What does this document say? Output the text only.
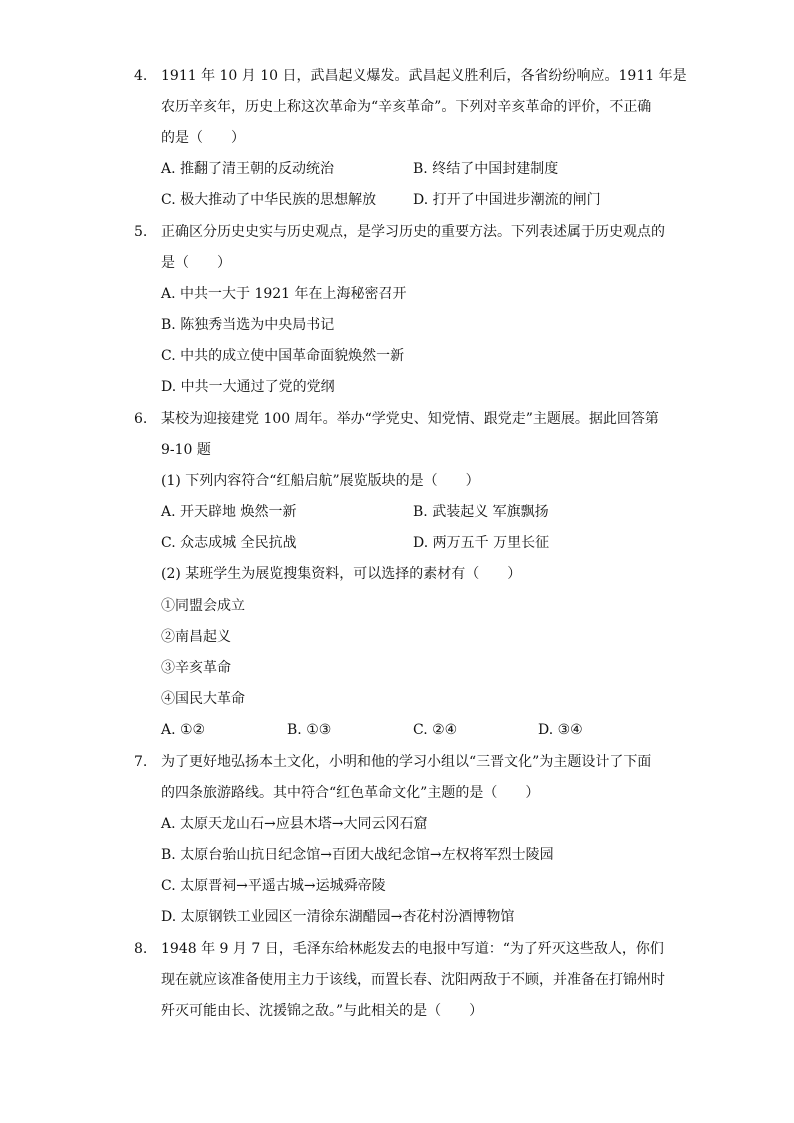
4. 1911 年 10 月 10 日，武昌起义爆发。武昌起义胜利后，各省纷纷响应。1911 年是
农历辛亥年，历史上称这次革命为“辛亥革命”。下列对辛亥革命的评价，不正确
的是（　　）
A. 推翻了清王朝的反动统治	B. 终结了中国封建制度
C. 极大推动了中华民族的思想解放	D. 打开了中国进步潮流的闸门
5. 正确区分历史史实与历史观点，是学习历史的重要方法。下列表述属于历史观点的
是（　　）
A. 中共一大于 1921 年在上海秘密召开
B. 陈独秀当选为中央局书记
C. 中共的成立使中国革命面貌焕然一新
D. 中共一大通过了党的党纲
6. 某校为迎接建党 100 周年。举办“学党史、知党情、跟党走”主题展。据此回答第
9-10 题
(1) 下列内容符合“红船启航”展览版块的是（　　）
A. 开天辟地 焕然一新	B. 武装起义 军旗飘扬
C. 众志成城 全民抗战	D. 两万五千 万里长征
(2) 某班学生为展览搜集资料，可以选择的素材有（　　）
①同盟会成立
②南昌起义
③辛亥革命
④国民大革命
A. ①②	B. ①③	C. ②④	D. ③④
7. 为了更好地弘扬本土文化，小明和他的学习小组以“三晋文化”为主题设计了下面
的四条旅游路线。其中符合“红色革命文化”主题的是（　　）
A. 太原天龙山石→应县木塔→大同云冈石窟
B. 太原台骀山抗日纪念馆→百团大战纪念馆→左权将军烈士陵园
C. 太原晋祠→平遥古城→运城舜帝陵
D. 太原钢铁工业园区一清徐东湖醋园→杏花村汾酒博物馆
8. 1948 年 9 月 7 日，毛泽东给林彪发去的电报中写道：“为了歼灭这些敌人，你们
现在就应该准备使用主力于该线，而置长春、沈阳两敌于不顾，并准备在打锦州时
歼灭可能由长、沈援锦之敌。”与此相关的是（　　）
